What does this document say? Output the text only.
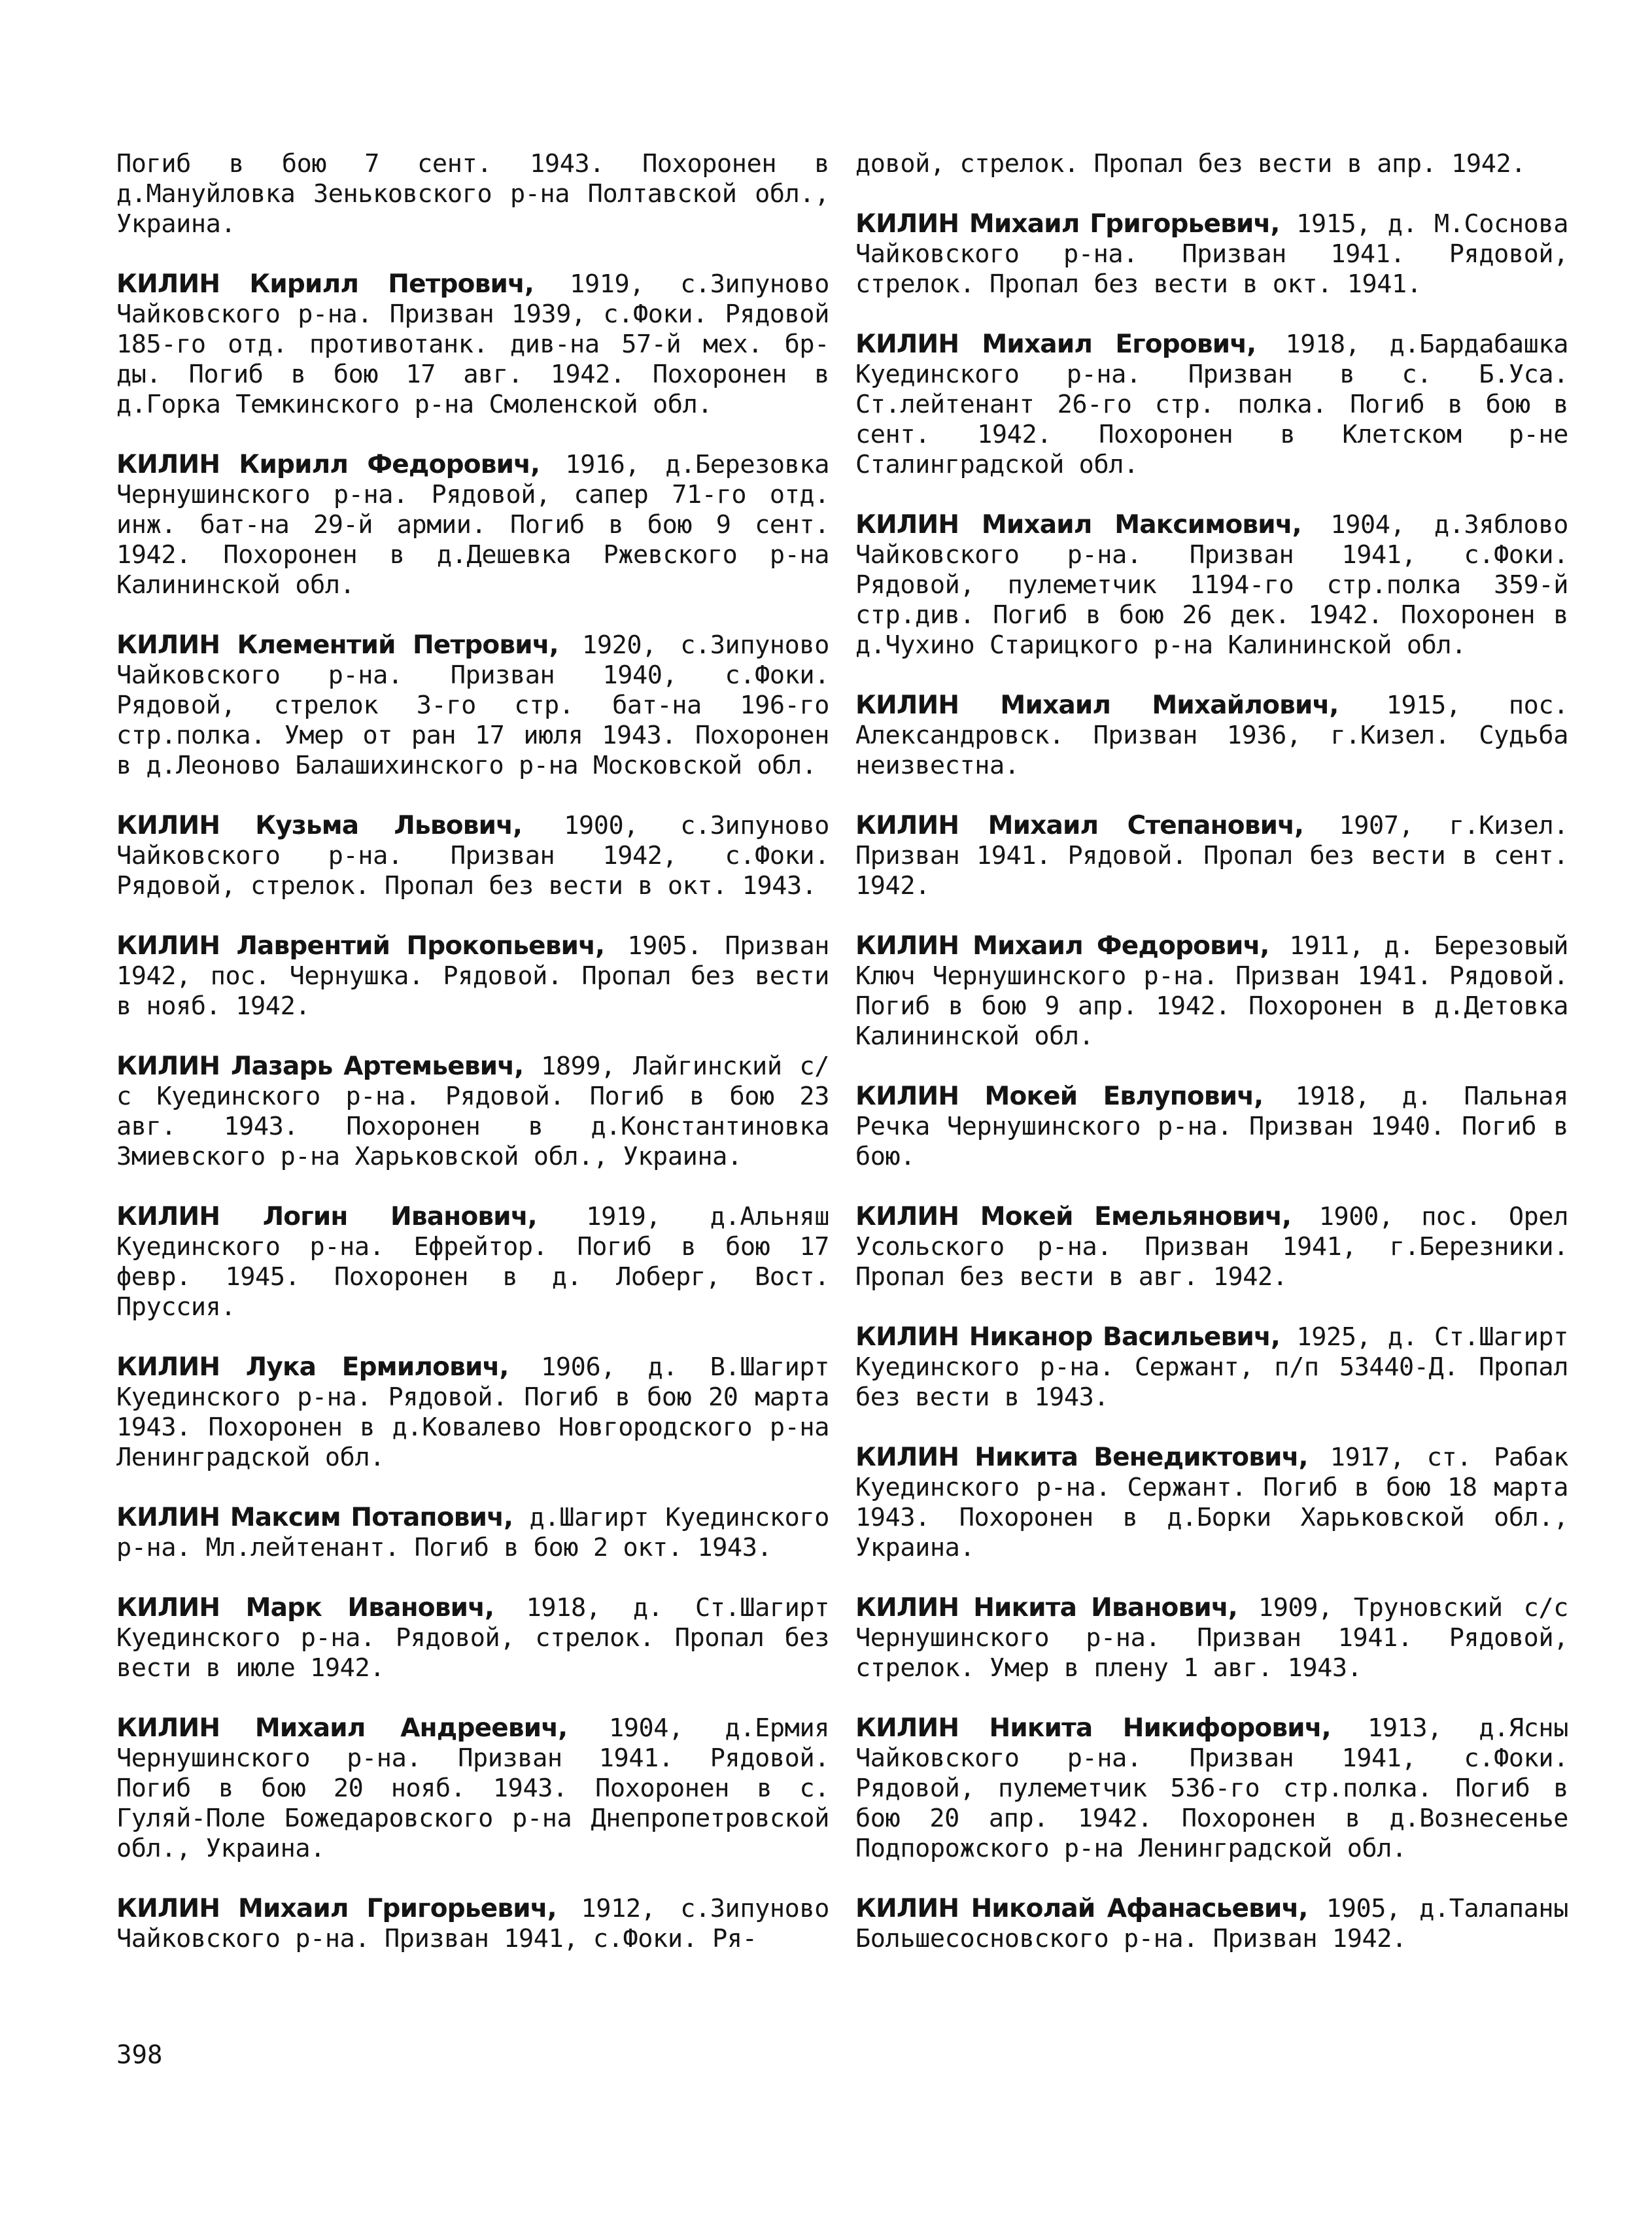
Погиб в бою 7 сент. 1943. Похоронен в д.Мануйловка Зеньковского р-на Полтавской обл., Украина.

КИЛИН Кирилл Петрович, 1919, с.Зипуново Чайковского р-на. Призван 1939, с.Фоки. Рядовой 185-го отд. противотанк. див-на 57-й мех. бр-ды. Погиб в бою 17 авг. 1942. Похоронен в д.Горка Темкинского р-на Смоленской обл.

КИЛИН Кирилл Федорович, 1916, д.Березовка Чернушинского р-на. Рядовой, сапер 71-го отд. инж. бат-на 29-й армии. Погиб в бою 9 сент. 1942. Похоронен в д.Дешевка Ржевского р-на Калининской обл.

КИЛИН Клементий Петрович, 1920, с.Зипуново Чайковского р-на. Призван 1940, с.Фоки. Рядовой, стрелок 3-го стр. бат-на 196-го стр.полка. Умер от ран 17 июля 1943. Похоронен в д.Леоново Балашихинского р-на Московской обл.

КИЛИН Кузьма Львович, 1900, с.Зипуново Чайковского р-на. Призван 1942, с.Фоки. Рядовой, стрелок. Пропал без вести в окт. 1943.

КИЛИН Лаврентий Прокопьевич, 1905. Призван 1942, пос. Чернушка. Рядовой. Пропал без вести в нояб. 1942.

КИЛИН Лазарь Артемьевич, 1899, Лайгинский с/с Куединского р-на. Рядовой. Погиб в бою 23 авг. 1943. Похоронен в д.Константиновка Змиевского р-на Харьковской обл., Украина.

КИЛИН Логин Иванович, 1919, д.Альняш Куединского р-на. Ефрейтор. Погиб в бою 17 февр. 1945. Похоронен в д. Лоберг, Вост. Пруссия.

КИЛИН Лука Ермилович, 1906, д. В.Шагирт Куединского р-на. Рядовой. Погиб в бою 20 марта 1943. Похоронен в д.Ковалево Новгородского р-на Ленинградской обл.

КИЛИН Максим Потапович, д.Шагирт Куединского р-на. Мл.лейтенант. Погиб в бою 2 окт. 1943.

КИЛИН Марк Иванович, 1918, д. Ст.Шагирт Куединского р-на. Рядовой, стрелок. Пропал без вести в июле 1942.

КИЛИН Михаил Андреевич, 1904, д.Ермия Чернушинского р-на. Призван 1941. Рядовой. Погиб в бою 20 нояб. 1943. Похоронен в с. Гуляй-Поле Божедаровского р-на Днепропетровской обл., Украина.

КИЛИН Михаил Григорьевич, 1912, с.Зипуново Чайковского р-на. Призван 1941, с.Фоки. Ря-

довой, стрелок. Пропал без вести в апр. 1942.

КИЛИН Михаил Григорьевич, 1915, д. М.Соснова Чайковского р-на. Призван 1941. Рядовой, стрелок. Пропал без вести в окт. 1941.

КИЛИН Михаил Егорович, 1918, д.Бардабашка Куединского р-на. Призван в с. Б.Уса. Ст.лейтенант 26-го стр. полка. Погиб в бою в сент. 1942. Похоронен в Клетском р-не Сталинградской обл.

КИЛИН Михаил Максимович, 1904, д.Зяблово Чайковского р-на. Призван 1941, с.Фоки. Рядовой, пулеметчик 1194-го стр.полка 359-й стр.див. Погиб в бою 26 дек. 1942. Похоронен в д.Чухино Старицкого р-на Калининской обл.

КИЛИН Михаил Михайлович, 1915, пос. Александровск. Призван 1936, г.Кизел. Судьба неизвестна.

КИЛИН Михаил Степанович, 1907, г.Кизел. Призван 1941. Рядовой. Пропал без вести в сент. 1942.

КИЛИН Михаил Федорович, 1911, д. Березовый Ключ Чернушинского р-на. Призван 1941. Рядовой. Погиб в бою 9 апр. 1942. Похоронен в д.Детовка Калининской обл.

КИЛИН Мокей Евлупович, 1918, д. Пальная Речка Чернушинского р-на. Призван 1940. Погиб в бою.

КИЛИН Мокей Емельянович, 1900, пос. Орел Усольского р-на. Призван 1941, г.Березники. Пропал без вести в авг. 1942.

КИЛИН Никанор Васильевич, 1925, д. Ст.Шагирт Куединского р-на. Сержант, п/п 53440-Д. Пропал без вести в 1943.

КИЛИН Никита Венедиктович, 1917, ст. Рабак Куединского р-на. Сержант. Погиб в бою 18 марта 1943. Похоронен в д.Борки Харьковской обл., Украина.

КИЛИН Никита Иванович, 1909, Труновский с/с Чернушинского р-на. Призван 1941. Рядовой, стрелок. Умер в плену 1 авг. 1943.

КИЛИН Никита Никифорович, 1913, д.Ясны Чайковского р-на. Призван 1941, с.Фоки. Рядовой, пулеметчик 536-го стр.полка. Погиб в бою 20 апр. 1942. Похоронен в д.Вознесенье Подпорожского р-на Ленинградской обл.

КИЛИН Николай Афанасьевич, 1905, д.Талапаны Большесосновского р-на. Призван 1942.

398
